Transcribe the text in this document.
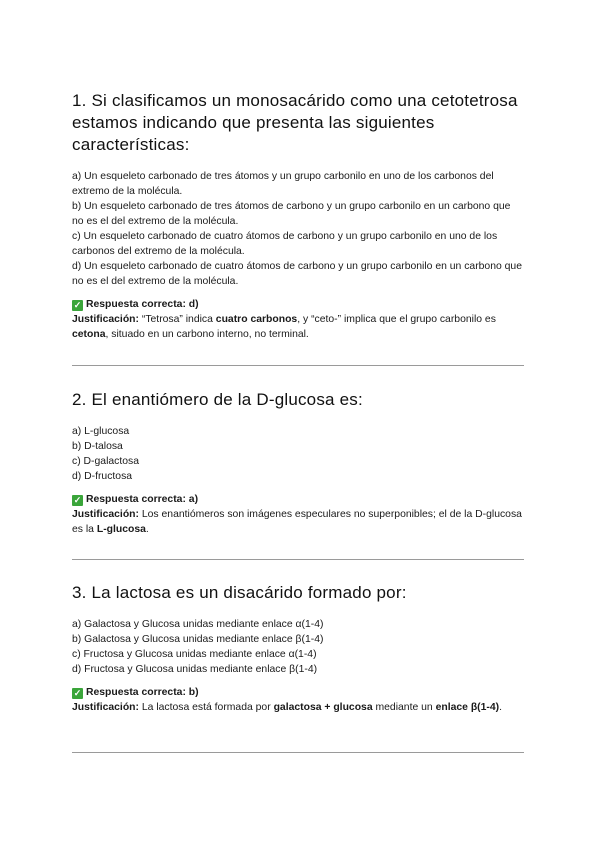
1. Si clasificamos un monosacárido como una cetotetrosa estamos indicando que presenta las siguientes características:
a) Un esqueleto carbonado de tres átomos y un grupo carbonilo en uno de los carbonos del extremo de la molécula.
b) Un esqueleto carbonado de tres átomos de carbono y un grupo carbonilo en un carbono que no es el del extremo de la molécula.
c) Un esqueleto carbonado de cuatro átomos de carbono y un grupo carbonilo en uno de los carbonos del extremo de la molécula.
d) Un esqueleto carbonado de cuatro átomos de carbono y un grupo carbonilo en un carbono que no es el del extremo de la molécula.
✓ Respuesta correcta: d)
Justificación: “Tetrosa” indica cuatro carbonos, y “ceto-” implica que el grupo carbonilo es cetona, situado en un carbono interno, no terminal.
2. El enantiómero de la D-glucosa es:
a) L-glucosa
b) D-talosa
c) D-galactosa
d) D-fructosa
✓ Respuesta correcta: a)
Justificación: Los enantiómeros son imágenes especulares no superponibles; el de la D-glucosa es la L-glucosa.
3. La lactosa es un disacárido formado por:
a) Galactosa y Glucosa unidas mediante enlace α(1-4)
b) Galactosa y Glucosa unidas mediante enlace β(1-4)
c) Fructosa y Glucosa unidas mediante enlace α(1-4)
d) Fructosa y Glucosa unidas mediante enlace β(1-4)
✓ Respuesta correcta: b)
Justificación: La lactosa está formada por galactosa + glucosa mediante un enlace β(1-4).
